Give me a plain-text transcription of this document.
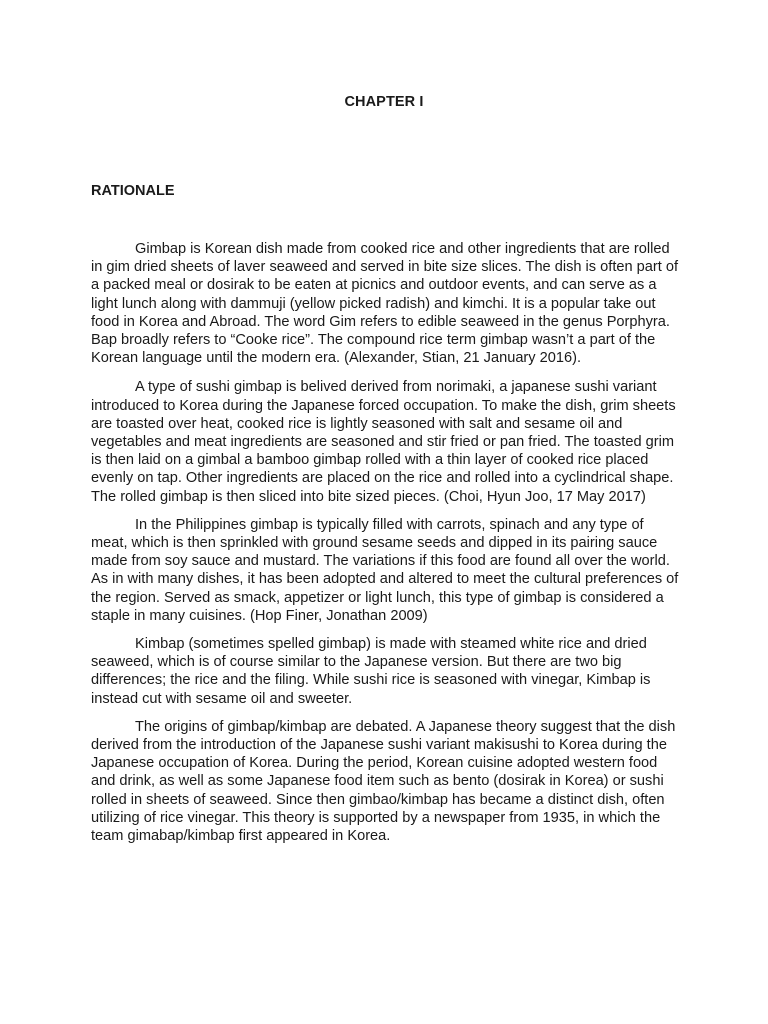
CHAPTER I
RATIONALE

Gimbap is Korean dish made from cooked rice and other ingredients that are rolled in gim dried sheets of laver seaweed and served in bite size slices. The dish is often part of a packed meal or dosirak to be eaten at picnics and outdoor events, and can serve as a light lunch along with dammuji (yellow picked radish) and kimchi. It is a popular take out food in Korea and Abroad. The word Gim refers to edible seaweed in the genus Porphyra. Bap broadly refers to “Cooke rice”. The compound rice term gimbap wasn’t a part of the Korean language until the modern era. (Alexander, Stian, 21 January 2016).

A type of sushi gimbap is belived derived from norimaki, a japanese sushi variant introduced to Korea during the Japanese forced occupation. To make the dish, grim sheets are toasted over heat, cooked rice is lightly seasoned with salt and sesame oil and vegetables and meat ingredients are seasoned and stir fried or pan fried. The toasted grim is then laid on a gimbal a bamboo gimbap rolled with a thin layer of cooked rice placed evenly on tap. Other ingredients are placed on the rice and rolled into a cyclindrical shape. The rolled gimbap is then sliced into bite sized pieces. (Choi, Hyun Joo, 17 May 2017)

In the Philippines gimbap is typically filled with carrots, spinach and any type of meat, which is then sprinkled with ground sesame seeds and dipped in its pairing sauce made from soy sauce and mustard. The variations if this food are found all over the world. As in with many dishes, it has been adopted and altered to meet the cultural preferences of the region. Served as smack, appetizer or light lunch, this type of gimbap is considered a staple in many cuisines. (Hop Finer, Jonathan 2009)

Kimbap (sometimes spelled gimbap) is made with steamed white rice and dried seaweed, which is of course similar to the Japanese version. But there are two big differences; the rice and the filing. While sushi rice is seasoned with vinegar, Kimbap is instead cut with sesame oil and sweeter.

The origins of gimbap/kimbap are debated. A Japanese theory suggest that the dish derived from the introduction of the Japanese sushi variant makisushi to Korea during the Japanese occupation of Korea. During the period, Korean cuisine adopted western food and drink, as well as some Japanese food item such as bento (dosirak in Korea) or sushi rolled in sheets of seaweed. Since then gimbao/kimbap has became a distinct dish, often utilizing of rice vinegar. This theory is supported by a newspaper from 1935, in which the team gimabap/kimbap first appeared in Korea.
